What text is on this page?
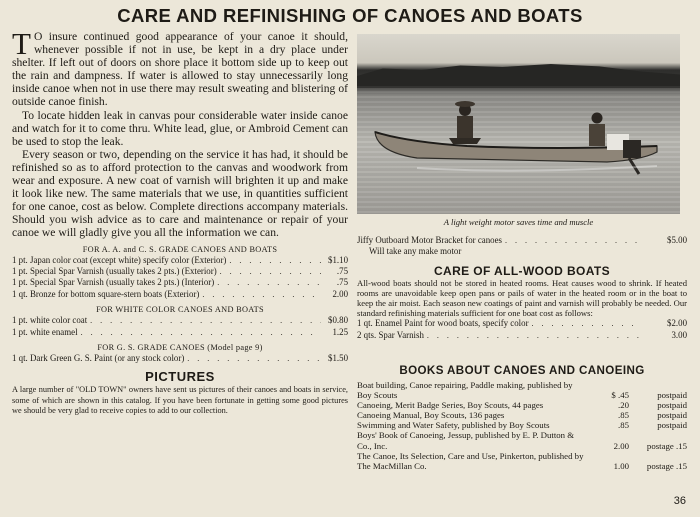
CARE AND REFINISHING OF CANOES AND BOATS

T O insure continued good appearance of your canoe it should, whenever possible if not in use, be kept in a dry place under shelter. If left out of doors on shore place it bottom side up to keep out the rain and dampness. If water is allowed to stay unnecessarily long inside canoe when not in use there may result sweating and blistering of outside canoe finish.

To locate hidden leak in canvas pour considerable water inside canoe and watch for it to come thru. White lead, glue, or Ambroid Cement can be used to stop the leak.

Every season or two, depending on the service it has had, it should be refinished so as to afford protection to the canvas and woodwork from wear and exposure. A new coat of varnish will brighten it up and make it look like new. The same materials that we use, in quantities sufficient for one canoe, cost as below. Complete directions accompany materials. Should you wish advice as to care and maintenance or repair of your canoe we will gladly give you all the information we can.

FOR A. A. and C. S. GRADE CANOES AND BOATS
1 pt. Japan color coat (except white) specify color (Exterior) . . .	$1.10
1 pt. Special Spar Varnish (usually takes 2 pts.) (Exterior) . . .	.75
1 pt. Special Spar Varnish (usually takes 2 pts.) (Interior) . . .	.75
1 qt. Bronze for bottom square-stern boats (Exterior) . . .	2.00
FOR WHITE COLOR CANOES AND BOATS
1 pt. white color coat . . .	$0.80
1 pt. white enamel . . .	1.25
FOR G. S. GRADE CANOES (Model page 9)
1 qt. Dark Green G. S. Paint (or any stock color) . . .	$1.50
PICTURES

A large number of "OLD TOWN" owners have sent us pictures of their canoes and boats in service, some of which are shown in this catalog. If you have been fortunate in getting some good pictures we should be very glad to receive copies to add to our collection.

A light weight motor saves time and muscle
Jiffy Outboard Motor Bracket for canoes . . .	$5.00
Will take any make motor
CARE OF ALL-WOOD BOATS

All-wood boats should not be stored in heated rooms. Heat causes wood to shrink. If heated rooms are unavoidable keep open pans or pails of water in the heated room or in the boat to keep the air moist. Each season new coatings of paint and varnish will probably be needed. Our standard refinishing materials sufficient for one boat cost as follows:

1 qt. Enamel Paint for wood boats, specify color . . .	$2.00
2 qts. Spar Varnish . . .	3.00
BOOKS ABOUT CANOES AND CANOEING
Boat building, Canoe repairing, Paddle making, published by Boy Scouts	$ .45	postpaid
Canoeing, Merit Badge Series, Boy Scouts, 44 pages	.20	postpaid
Canoeing Manual, Boy Scouts, 136 pages	.85	postpaid
Swimming and Water Safety, published by Boy Scouts	.85	postpaid
Boys' Book of Canoeing, Jessup, published by E. P. Dutton & Co., Inc.	2.00	postage .15
The Canoe, Its Selection, Care and Use, Pinkerton, published by The MacMillan Co.	1.00	postage .15
36
